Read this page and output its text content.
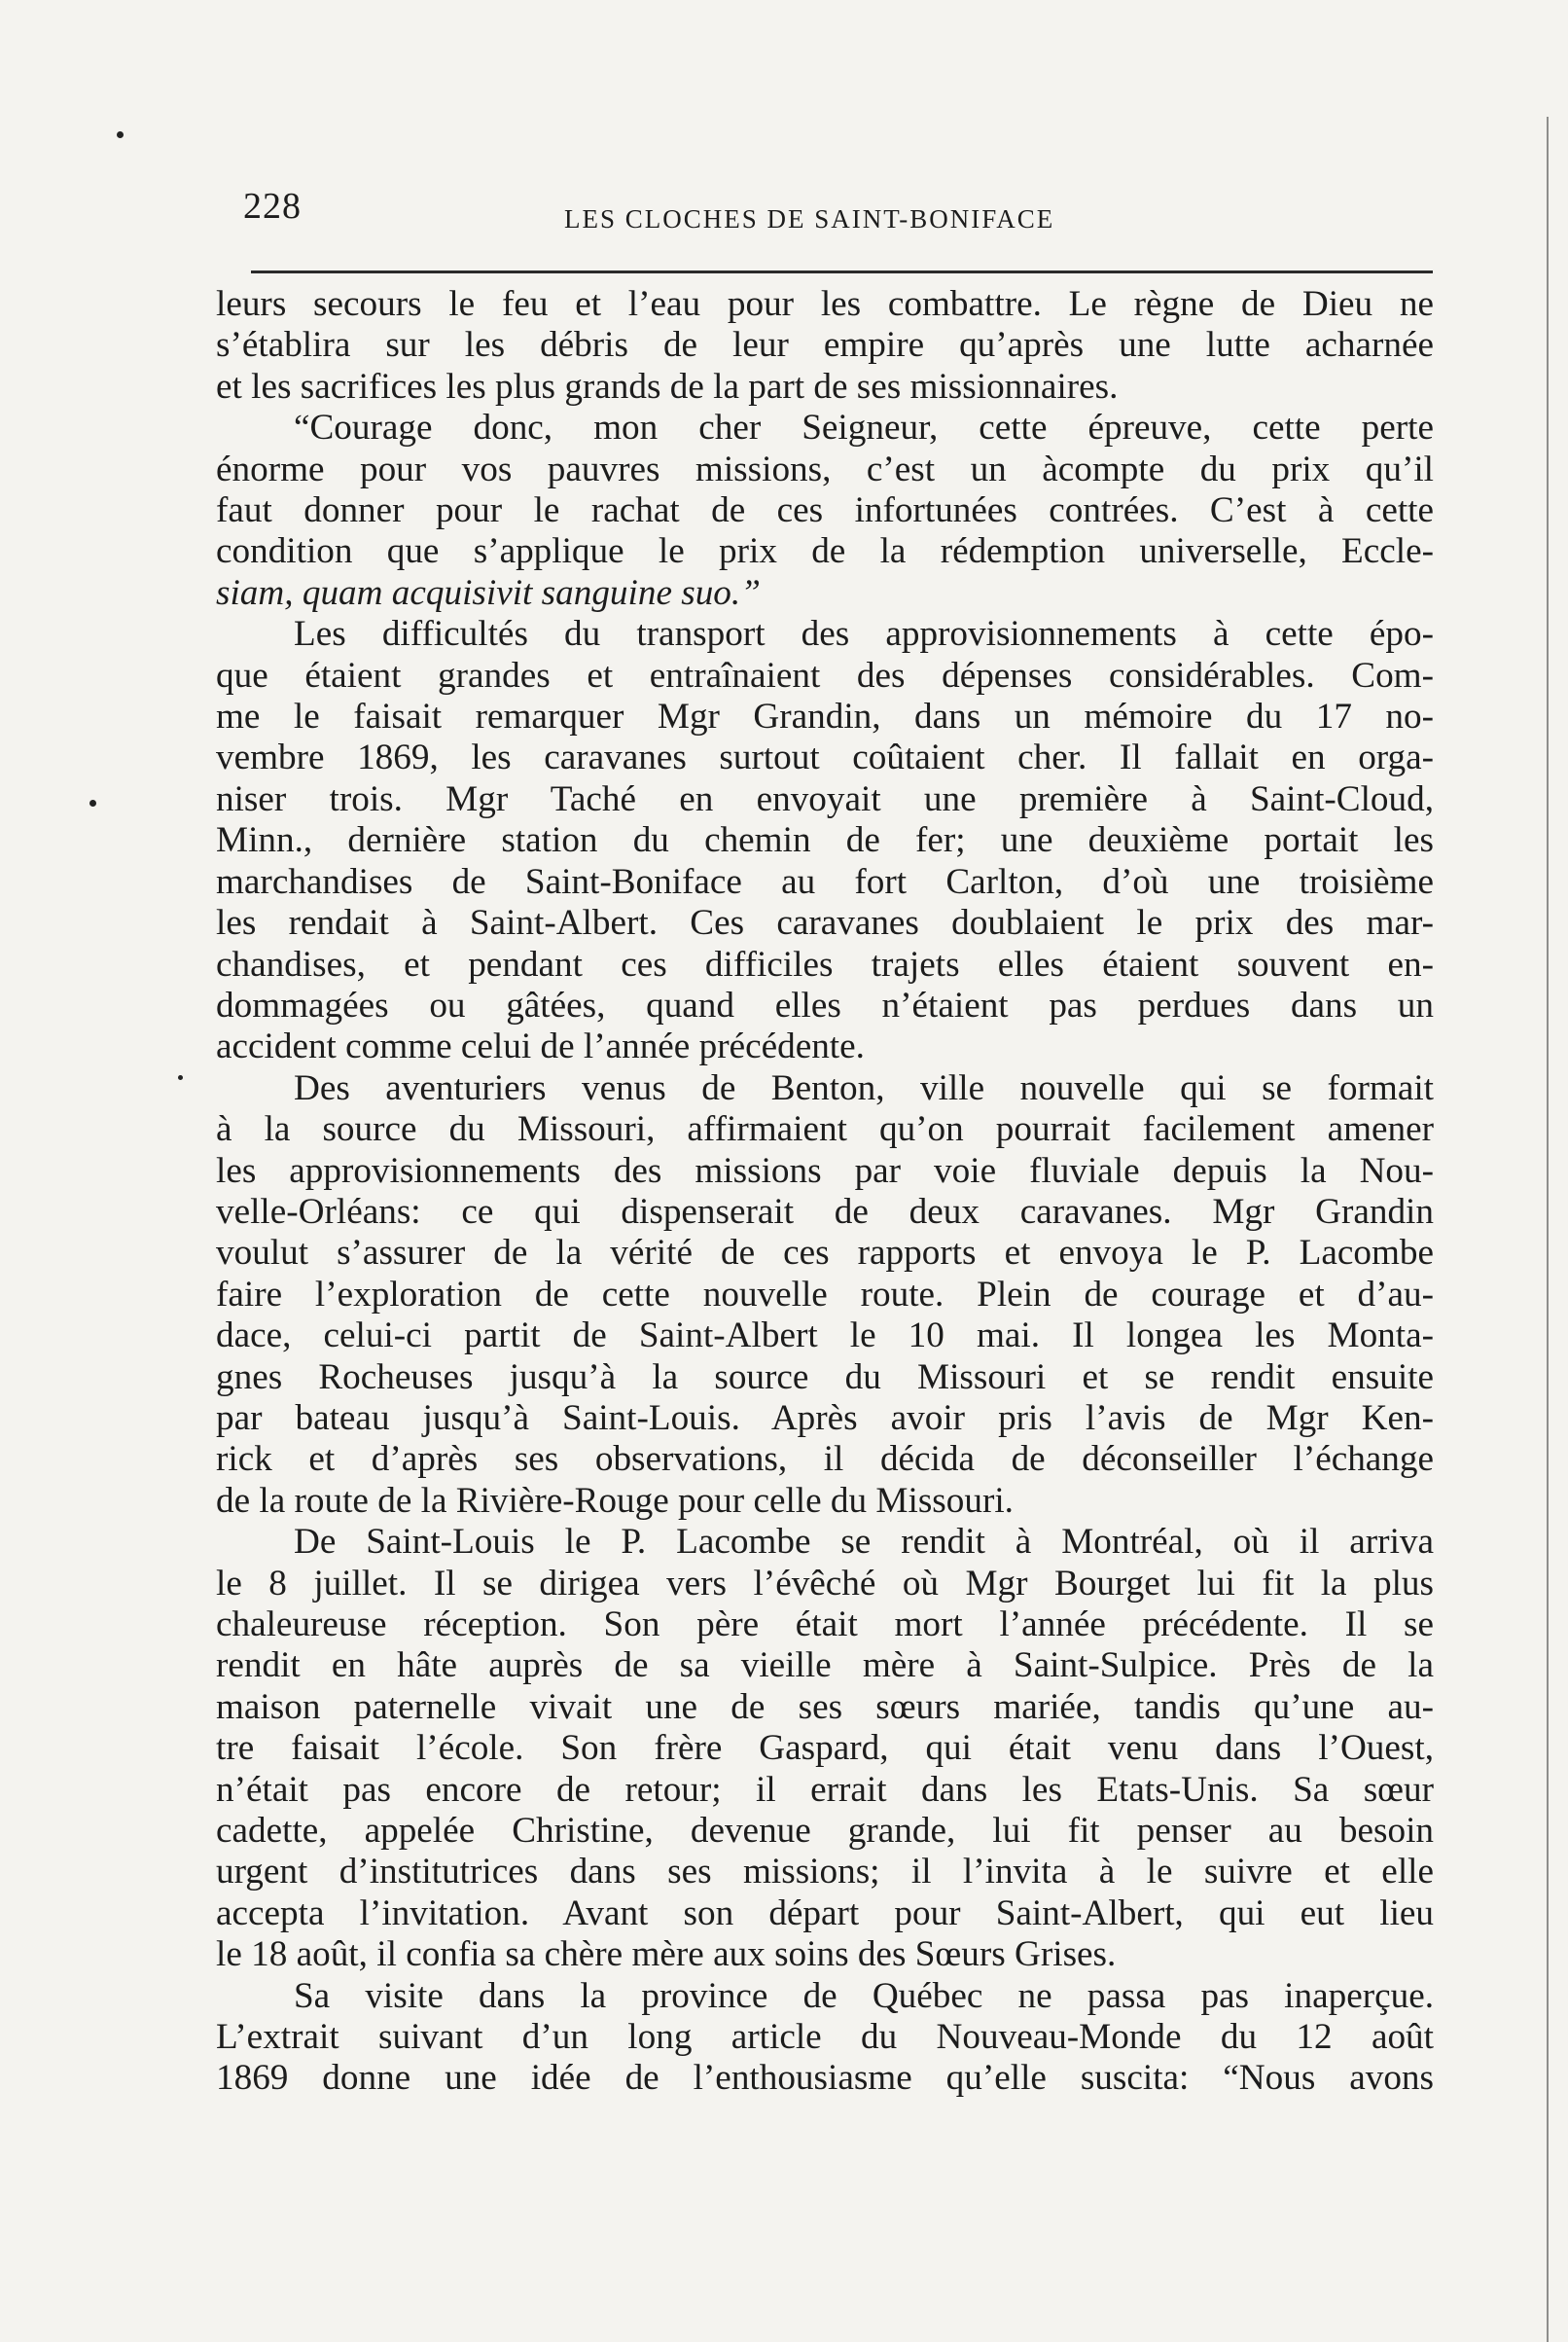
228	LES CLOCHES DE SAINT-BONIFACE

leurs secours le feu et l’eau pour les combattre. Le règne de Dieu ne
s’établira sur les débris de leur empire qu’après une lutte acharnée
et les sacrifices les plus grands de la part de ses missionnaires.

“Courage donc, mon cher Seigneur, cette épreuve, cette perte
énorme pour vos pauvres missions, c’est un àcompte du prix qu’il
faut donner pour le rachat de ces infortunées contrées. C’est à cette
condition que s’applique le prix de la rédemption universelle, Eccle-
siam, quam acquisivit sanguine suo.”

Les difficultés du transport des approvisionnements à cette épo-
que étaient grandes et entraînaient des dépenses considérables. Com-
me le faisait remarquer Mgr Grandin, dans un mémoire du 17 no-
vembre 1869, les caravanes surtout coûtaient cher. Il fallait en orga-
niser trois. Mgr Taché en envoyait une première à Saint-Cloud,
Minn., dernière station du chemin de fer; une deuxième portait les
marchandises de Saint-Boniface au fort Carlton, d’où une troisième
les rendait à Saint-Albert. Ces caravanes doublaient le prix des mar-
chandises, et pendant ces difficiles trajets elles étaient souvent en-
dommagées ou gâtées, quand elles n’étaient pas perdues dans un
accident comme celui de l’année précédente.

Des aventuriers venus de Benton, ville nouvelle qui se formait
à la source du Missouri, affirmaient qu’on pourrait facilement amener
les approvisionnements des missions par voie fluviale depuis la Nou-
velle-Orléans: ce qui dispenserait de deux caravanes. Mgr Grandin
voulut s’assurer de la vérité de ces rapports et envoya le P. Lacombe
faire l’exploration de cette nouvelle route. Plein de courage et d’au-
dace, celui-ci partit de Saint-Albert le 10 mai. Il longea les Monta-
gnes Rocheuses jusqu’à la source du Missouri et se rendit ensuite
par bateau jusqu’à Saint-Louis. Après avoir pris l’avis de Mgr Ken-
rick et d’après ses observations, il décida de déconseiller l’échange
de la route de la Rivière-Rouge pour celle du Missouri.

De Saint-Louis le P. Lacombe se rendit à Montréal, où il arriva
le 8 juillet. Il se dirigea vers l’évêché où Mgr Bourget lui fit la plus
chaleureuse réception. Son père était mort l’année précédente. Il se
rendit en hâte auprès de sa vieille mère à Saint-Sulpice. Près de la
maison paternelle vivait une de ses sœurs mariée, tandis qu’une au-
tre faisait l’école. Son frère Gaspard, qui était venu dans l’Ouest,
n’était pas encore de retour; il errait dans les Etats-Unis. Sa sœur
cadette, appelée Christine, devenue grande, lui fit penser au besoin
urgent d’institutrices dans ses missions; il l’invita à le suivre et elle
accepta l’invitation. Avant son départ pour Saint-Albert, qui eut lieu
le 18 août, il confia sa chère mère aux soins des Sœurs Grises.

Sa visite dans la province de Québec ne passa pas inaperçue.
L’extrait suivant d’un long article du Nouveau-Monde du 12 août
1869 donne une idée de l’enthousiasme qu’elle suscita: “Nous avons
